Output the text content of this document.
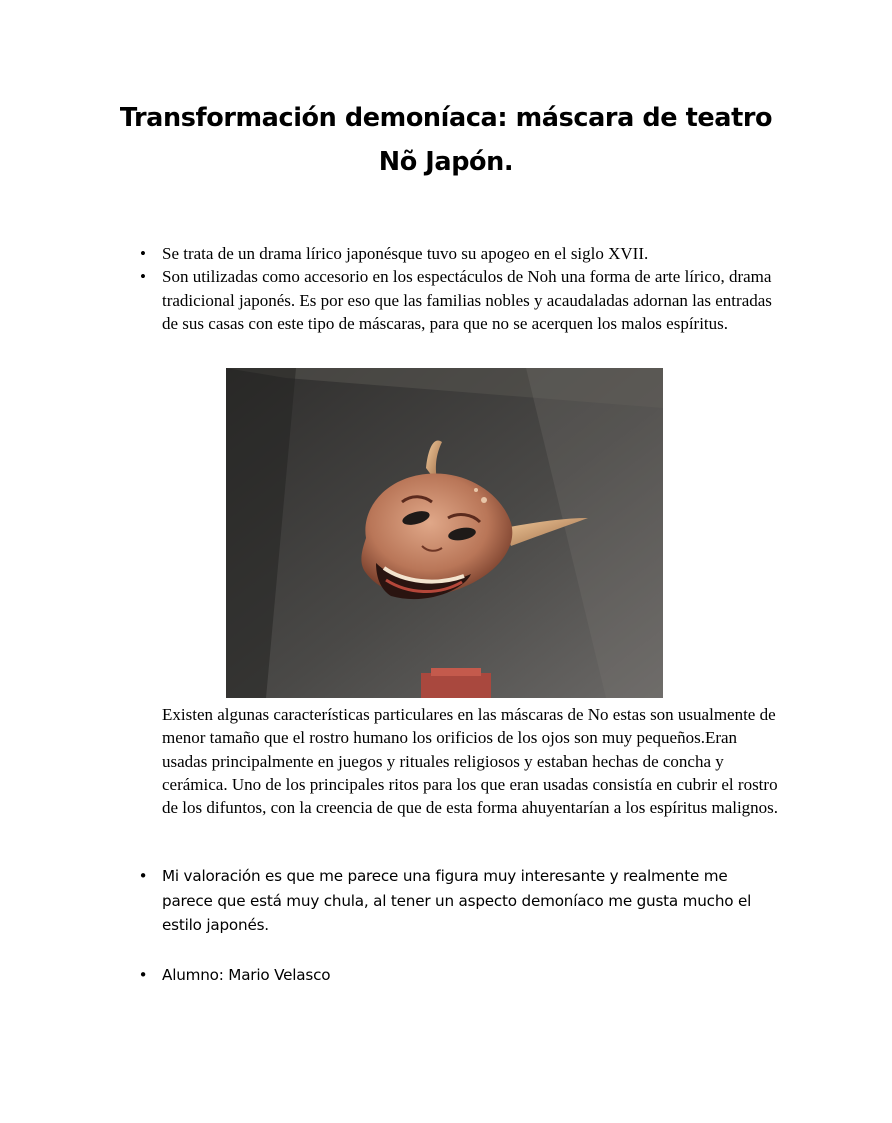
Transformación demoníaca: máscara de teatro
Nõ Japón.
• Se trata de un drama lírico japonésque tuvo su apogeo en el siglo XVII.
• Son utilizadas como accesorio en los espectáculos de Noh una forma de arte lírico, drama tradicional japonés. Es por eso que las familias nobles y acaudaladas adornan las entradas de sus casas con este tipo de máscaras, para que no se acerquen los malos espíritus.

Existen algunas características particulares en las máscaras de No estas son usualmente de menor tamaño que el rostro humano los orificios de los ojos son muy pequeños.Eran usadas principalmente en juegos y rituales religiosos y estaban hechas de concha y cerámica. Uno de los principales ritos para los que eran usadas consistía en cubrir el rostro de los difuntos, con la creencia de que de esta forma ahuyentarían a los espíritus malignos.

• Mi valoración es que me parece una figura muy interesante y realmente me parece que está muy chula, al tener un aspecto demoníaco me gusta mucho el estilo japonés.
• Alumno: Mario Velasco
